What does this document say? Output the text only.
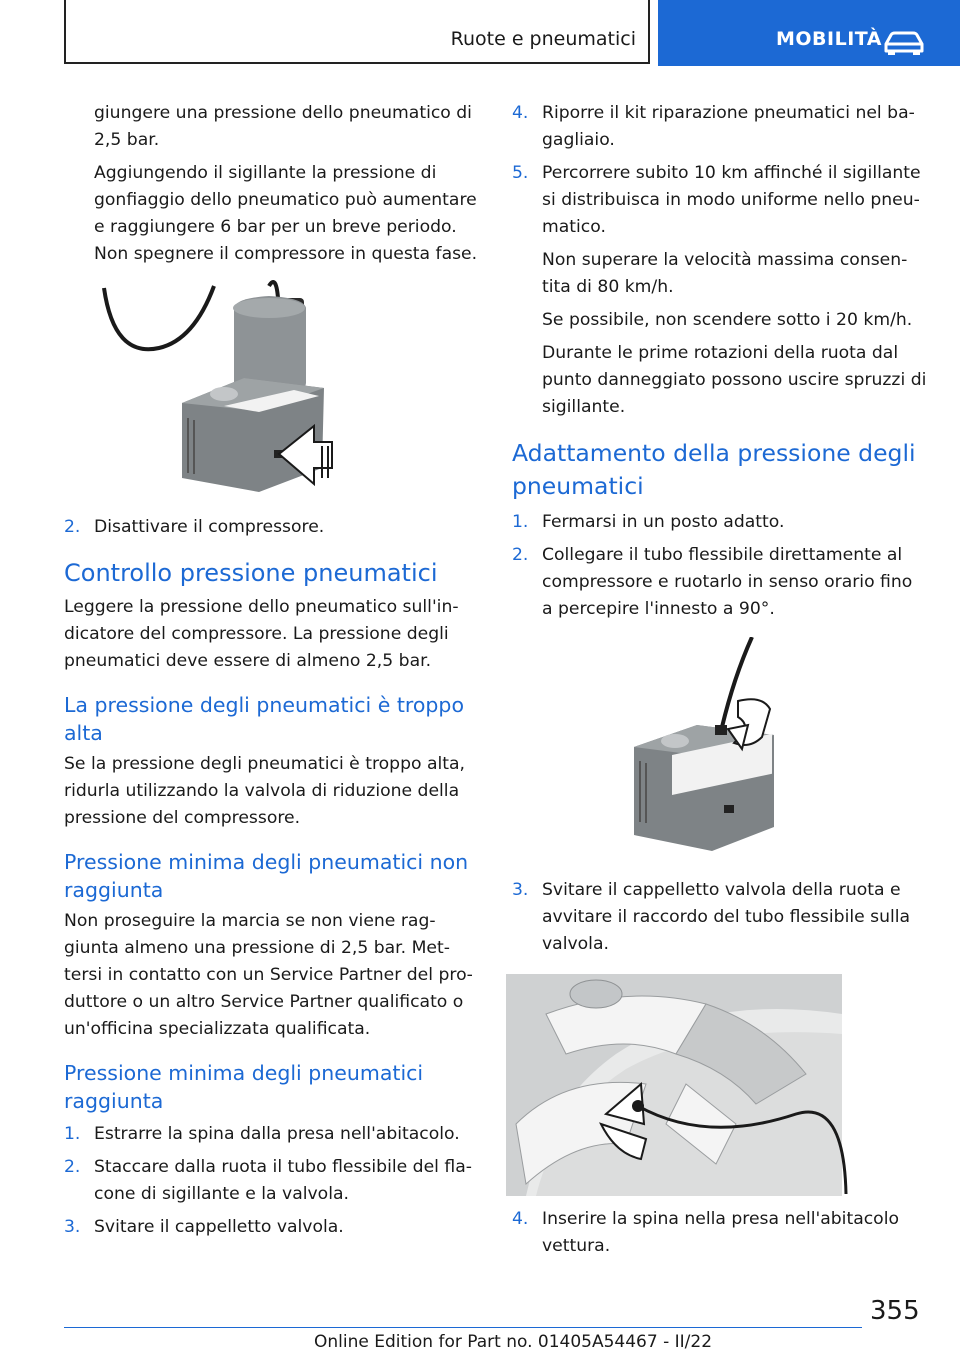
Ruote e pneumatici	MOBILITÀ

giungere una pressione dello pneumatico di 2,5 bar.

Aggiungendo il sigillante la pressione di gonfiaggio dello pneumatico può aumentare e raggiungere 6 bar per un breve periodo. Non spegnere il compressore in questa fase.

2. Disattivare il compressore.
Controllo pressione pneumatici

Leggere la pressione dello pneumatico sull'indicatore del compressore. La pressione degli pneumatici deve essere di almeno 2,5 bar.

La pressione degli pneumatici è troppo alta

Se la pressione degli pneumatici è troppo alta, ridurla utilizzando la valvola di riduzione della pressione del compressore.

Pressione minima degli pneumatici non raggiunta

Non proseguire la marcia se non viene raggiunta almeno una pressione di 2,5 bar. Mettersi in contatto con un Service Partner del produttore o un altro Service Partner qualificato o un'officina specializzata qualificata.

Pressione minima degli pneumatici raggiunta
1. Estrarre la spina dalla presa nell'abitacolo.
2. Staccare dalla ruota il tubo flessibile del flacone di sigillante e la valvola.
3. Svitare il cappelletto valvola.
4. Riporre il kit riparazione pneumatici nel bagagliaio.
5. Percorrere subito 10 km affinché il sigillante si distribuisca in modo uniforme nello pneumatico.

Non superare la velocità massima consentita di 80 km/h.

Se possibile, non scendere sotto i 20 km/h.

Durante le prime rotazioni della ruota dal punto danneggiato possono uscire spruzzi di sigillante.

Adattamento della pressione degli pneumatici
1. Fermarsi in un posto adatto.
2. Collegare il tubo flessibile direttamente al compressore e ruotarlo in senso orario fino a percepire l'innesto a 90°.
3. Svitare il cappelletto valvola della ruota e avvitare il raccordo del tubo flessibile sulla valvola.
4. Inserire la spina nella presa nell'abitacolo vettura.
355
Online Edition for Part no. 01405A54467 - II/22
